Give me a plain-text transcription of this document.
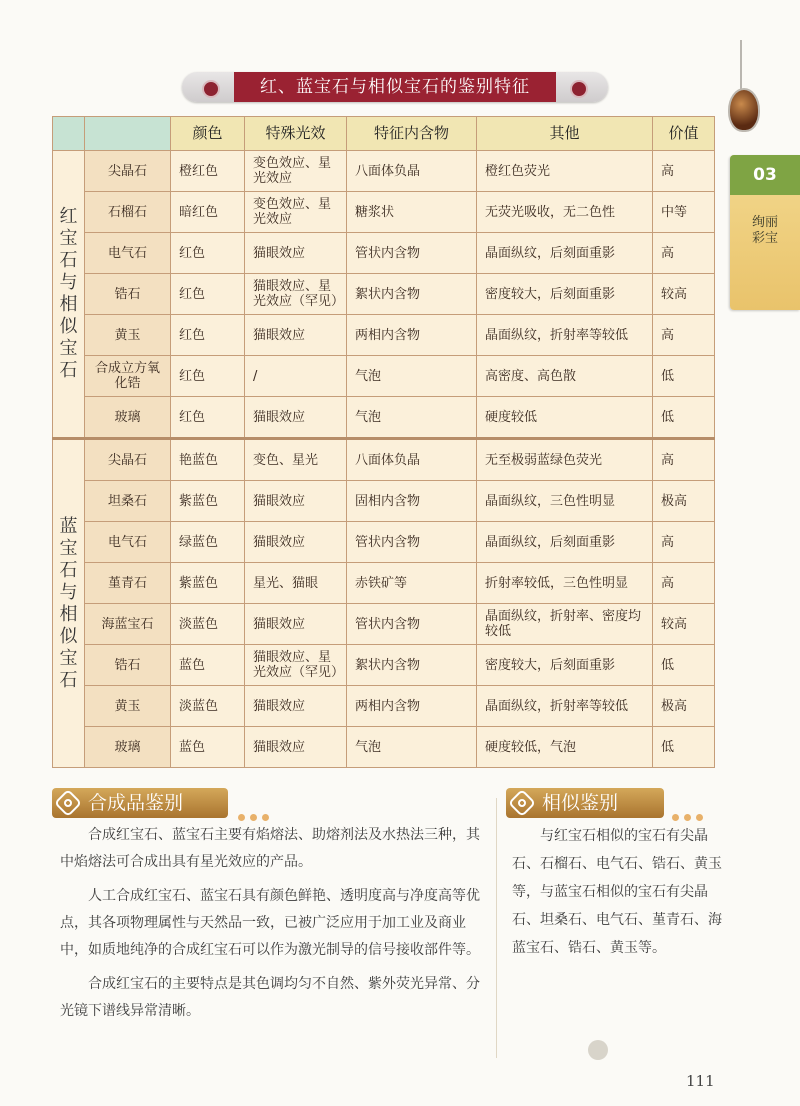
红、蓝宝石与相似宝石的鉴别特征
03
绚丽彩宝
		颜色	特殊光效	特征内含物	其他	价值

红宝石与相似宝石	尖晶石	橙红色	变色效应、星光效应	八面体负晶	橙红色荧光	高
	石榴石	暗红色	变色效应、星光效应	糖浆状	无荧光吸收，无二色性	中等
	电气石	红色	猫眼效应	管状内含物	晶面纵纹，后刻面重影	高
	锆石	红色	猫眼效应、星光效应（罕见）	絮状内含物	密度较大，后刻面重影	较高
	黄玉	红色	猫眼效应	两相内含物	晶面纵纹，折射率等较低	高
	合成立方氧化锆	红色	/	气泡	高密度、高色散	低
	玻璃	红色	猫眼效应	气泡	硬度较低	低

蓝宝石与相似宝石	尖晶石	艳蓝色	变色、星光	八面体负晶	无至极弱蓝绿色荧光	高
	坦桑石	紫蓝色	猫眼效应	固相内含物	晶面纵纹，三色性明显	极高
	电气石	绿蓝色	猫眼效应	管状内含物	晶面纵纹，后刻面重影	高
	堇青石	紫蓝色	星光、猫眼	赤铁矿等	折射率较低，三色性明显	高
	海蓝宝石	淡蓝色	猫眼效应	管状内含物	晶面纵纹，折射率、密度均较低	较高
	锆石	蓝色	猫眼效应、星光效应（罕见）	絮状内含物	密度较大，后刻面重影	低
	黄玉	淡蓝色	猫眼效应	两相内含物	晶面纵纹，折射率等较低	极高
	玻璃	蓝色	猫眼效应	气泡	硬度较低，气泡	低
合成品鉴别	相似鉴别

合成红宝石、蓝宝石主要有焰熔法、助熔剂法及水热法三种，其中焰熔法可合成出具有星光效应的产品。

人工合成红宝石、蓝宝石具有颜色鲜艳、透明度高与净度高等优点，其各项物理属性与天然品一致，已被广泛应用于加工业及商业中，如质地纯净的合成红宝石可以作为激光制导的信号接收部件等。

合成红宝石的主要特点是其色调均匀不自然、紫外荧光异常、分光镜下谱线异常清晰。

与红宝石相似的宝石有尖晶石、石榴石、电气石、锆石、黄玉等，与蓝宝石相似的宝石有尖晶石、坦桑石、电气石、堇青石、海蓝宝石、锆石、黄玉等。

111
